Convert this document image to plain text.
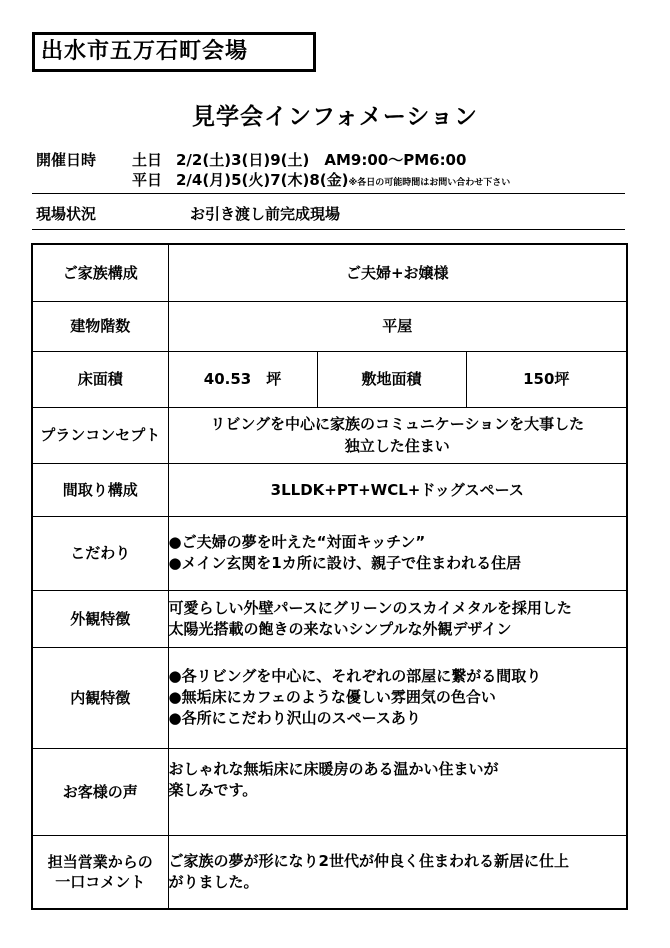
出水市五万石町会場
見学会インフォメーション
開催日時 土日 2/2(土)3(日)9(土)　AM9:00〜PM6:00
平日 2/4(月)5(火)7(木)8(金)※各日の可能時間はお問い合わせ下さい
現場状況	お引き渡し前完成現場
ご家族構成	ご夫婦+お嬢様		
建物階数	平屋		
床面積	40.53　坪	敷地面積	150坪
プランコンセプト	リビングを中心に家族のコミュニケーションを大事した
独立した住まい		

間取り構成	3LLDK+PT+WCL+ドッグスペース		
こだわり	●ご夫婦の夢を叶えた“対面キッチン”
●メイン玄関を1カ所に設け、親子で住まわれる住居		

外観特徴	可愛らしい外壁パースにグリーンのスカイメタルを採用した
太陽光搭載の飽きの来ないシンプルな外観デザイン		

内観特徴	●各リビングを中心に、それぞれの部屋に繋がる間取り
●無垢床にカフェのような優しい雰囲気の色合い
●各所にこだわり沢山のスペースあり		

お客様の声	おしゃれな無垢床に床暖房のある温かい住まいが
楽しみです。		

担当営業からの
一口コメント	ご家族の夢が形になり2世代が仲良く住まわれる新居に仕上
がりました。		
